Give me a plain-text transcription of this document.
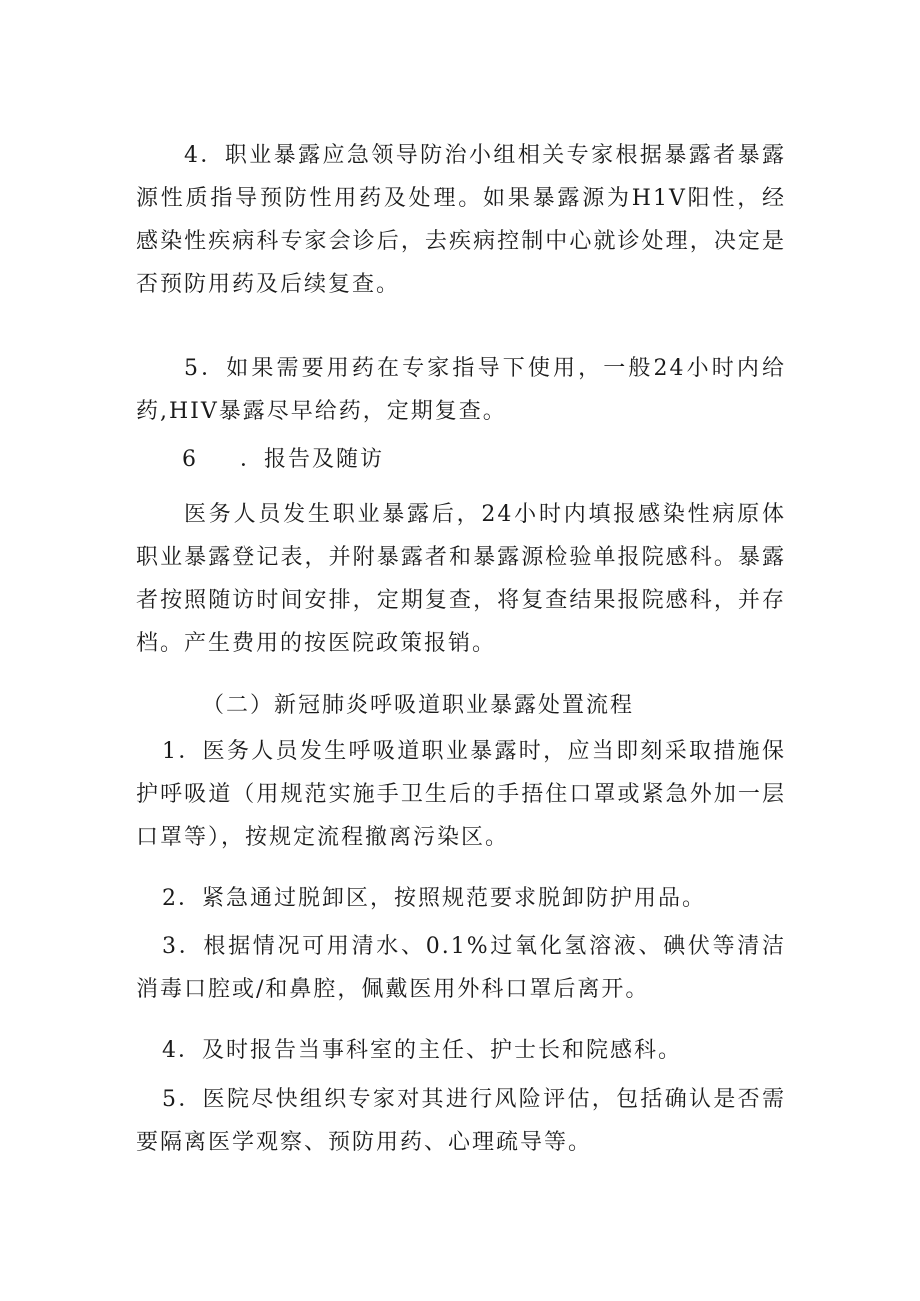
4．职业暴露应急领导防治小组相关专家根据暴露者暴露源性质指导预防性用药及处理。如果暴露源为H1V阳性，经感染性疾病科专家会诊后，去疾病控制中心就诊处理，决定是否预防用药及后续复查。

5．如果需要用药在专家指导下使用，一般24小时内给药,HIV暴露尽早给药，定期复查。

6 ．报告及随访

医务人员发生职业暴露后，24小时内填报感染性病原体职业暴露登记表，并附暴露者和暴露源检验单报院感科。暴露者按照随访时间安排，定期复查，将复查结果报院感科，并存档。产生费用的按医院政策报销。

（二）新冠肺炎呼吸道职业暴露处置流程

1．医务人员发生呼吸道职业暴露时，应当即刻采取措施保护呼吸道（用规范实施手卫生后的手捂住口罩或紧急外加一层口罩等），按规定流程撤离污染区。

2．紧急通过脱卸区，按照规范要求脱卸防护用品。

3．根据情况可用清水、0.1%过氧化氢溶液、碘伏等清洁消毒口腔或/和鼻腔，佩戴医用外科口罩后离开。

4．及时报告当事科室的主任、护士长和院感科。

5．医院尽快组织专家对其进行风险评估，包括确认是否需要隔离医学观察、预防用药、心理疏导等。
